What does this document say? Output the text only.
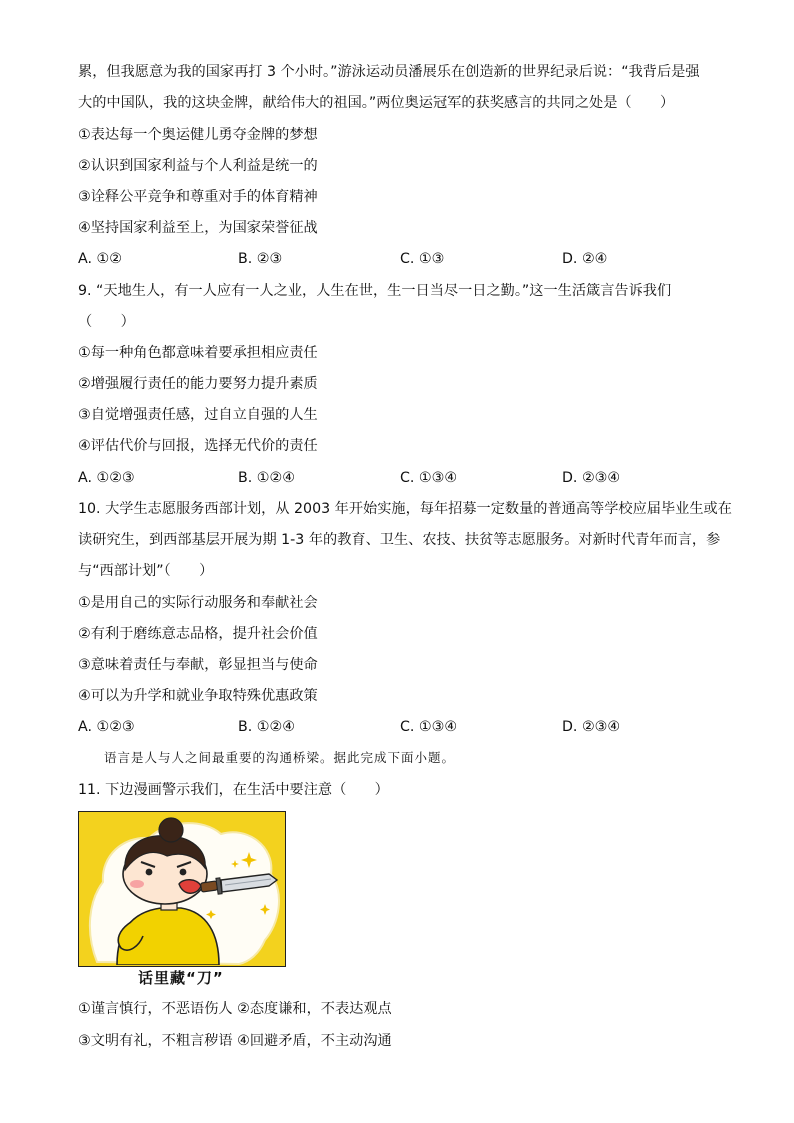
累，但我愿意为我的国家再打 3 个小时。”游泳运动员潘展乐在创造新的世界纪录后说：“我背后是强
大的中国队，我的这块金牌，献给伟大的祖国。”两位奥运冠军的获奖感言的共同之处是（　　）
①表达每一个奥运健儿勇夺金牌的梦想
②认识到国家利益与个人利益是统一的
③诠释公平竞争和尊重对手的体育精神
④坚持国家利益至上，为国家荣誉征战
A. ①②	B. ②③	C. ①③	D. ②④
9. “天地生人，有一人应有一人之业，人生在世，生一日当尽一日之勤。”这一生活箴言告诉我们
（　　）
①每一种角色都意味着要承担相应责任
②增强履行责任的能力要努力提升素质
③自觉增强责任感，过自立自强的人生
④评估代价与回报，选择无代价的责任
A. ①②③	B. ①②④	C. ①③④	D. ②③④
10. 大学生志愿服务西部计划，从 2003 年开始实施，每年招募一定数量的普通高等学校应届毕业生或在
读研究生，到西部基层开展为期 1-3 年的教育、卫生、农技、扶贫等志愿服务。对新时代青年而言，参
与“西部计划”（　　）
①是用自己的实际行动服务和奉献社会
②有利于磨练意志品格，提升社会价值
③意味着责任与奉献，彰显担当与使命
④可以为升学和就业争取特殊优惠政策
A. ①②③	B. ①②④	C. ①③④	D. ②③④
语言是人与人之间最重要的沟通桥梁。据此完成下面小题。
11. 下边漫画警示我们，在生活中要注意（　　）
话里藏“刀”
①谨言慎行，不恶语伤人 ②态度谦和，不表达观点
③文明有礼，不粗言秽语 ④回避矛盾，不主动沟通
